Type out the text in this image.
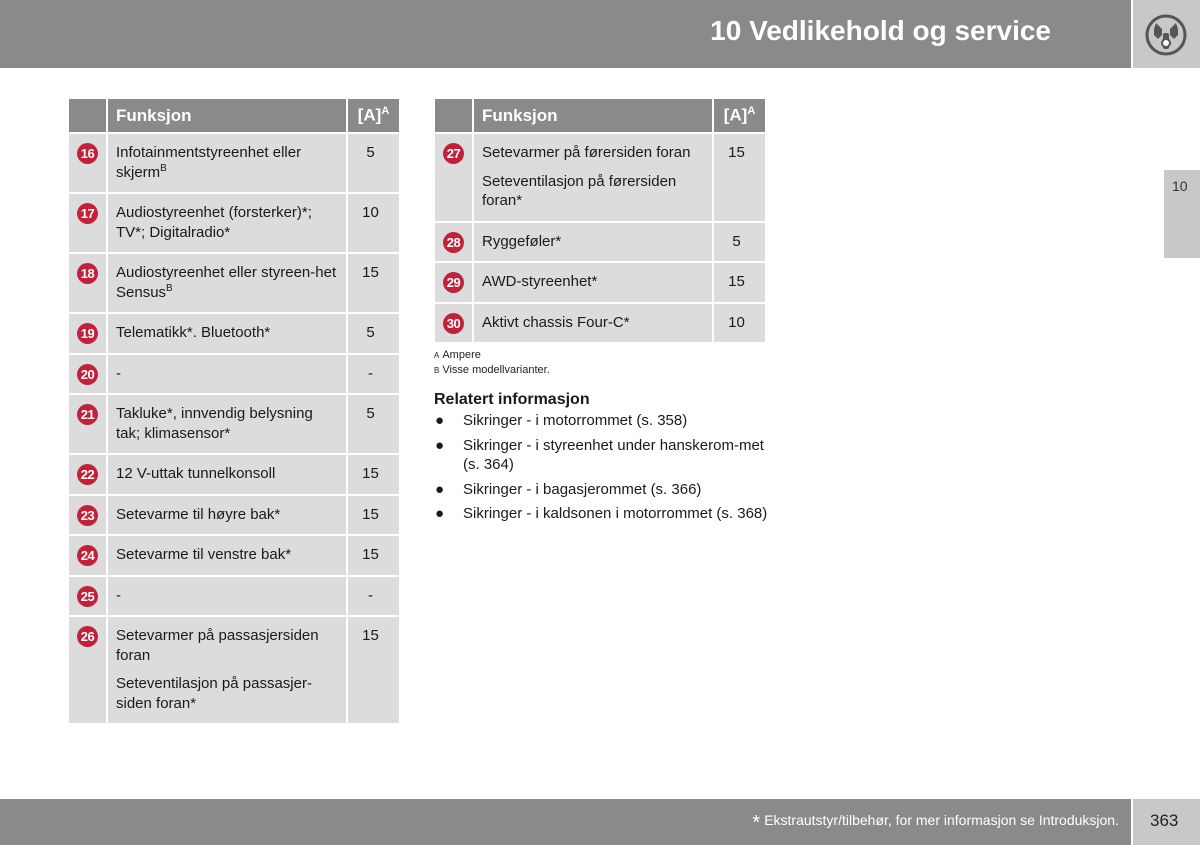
10 Vedlikehold og service
10
	Funksjon	$[A]^A$
16	Infotainmentstyreenhet eller skjerm$^B$	5
17	Audiostyreenhet (forsterker)*; TV*; Digitalradio*	10
18	Audiostyreenhet eller styreen-het Sensus$^B$	15
19	Telematikk*. Bluetooth*	5
20	-	-
21	Takluke*, innvendig belysning tak; klimasensor*	5
22	12 V-uttak tunnelkonsoll	15
23	Setevarme til høyre bak*	15
24	Setevarme til venstre bak*	15
25	-	-
26	Setevarmer på passasjersiden foran

Seteventilasjon på passasjer-siden foran*	15
	Funksjon	$[A]^A$
27	Setevarmer på førersiden foran

Seteventilasjon på førersiden foran*	15
28	Ryggeføler*	5
29	AWD-styreenhet*	15
30	Aktivt chassis Four-C*	10
A Ampere
B Visse modellvarianter.
Relatert informasjon
● Sikringer - i motorrommet (s. 358)
● Sikringer - i styreenhet under hanskerom-met (s. 364)
● Sikringer - i bagasjerommet (s. 366)
● Sikringer - i kaldsonen i motorrommet (s. 368)
* Ekstrautstyr/tilbehør, for mer informasjon se Introduksjon. 363
